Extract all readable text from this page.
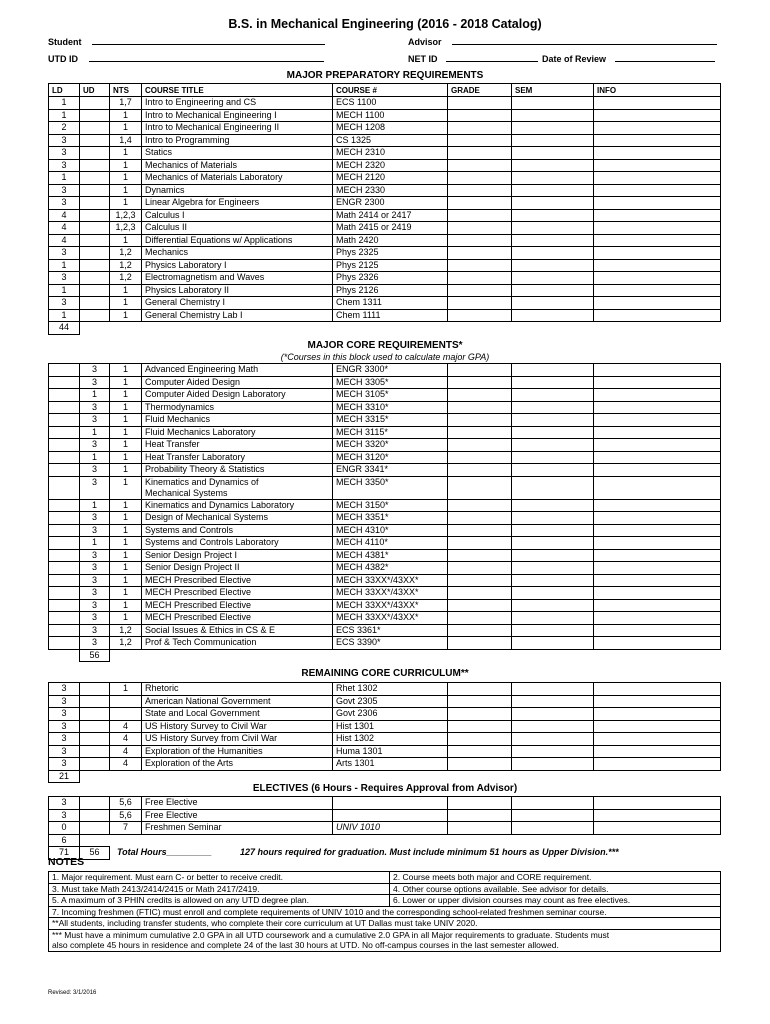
B.S. in Mechanical Engineering (2016 - 2018 Catalog)
Student	Advisor
UTD ID	NET ID	Date of Review
MAJOR PREPARATORY REQUIREMENTS
LD	UD	NTS	COURSE TITLE	COURSE #	GRADE	SEM	INFO
1		1,7	Intro to Engineering and CS	ECS 1100			
1		1	Intro to Mechanical Engineering I	MECH 1100			
2		1	Intro to Mechanical Engineering II	MECH 1208			
3		1,4	Intro to Programming	CS 1325			
3		1	Statics	MECH 2310			
3		1	Mechanics of Materials	MECH 2320			
1		1	Mechanics of Materials Laboratory	MECH 2120			
3		1	Dynamics	MECH 2330			
3		1	Linear Algebra for Engineers	ENGR 2300			
4		1,2,3	Calculus I	Math 2414 or 2417			
4		1,2,3	Calculus II	Math 2415 or 2419			
4		1	Differential Equations w/ Applications	Math 2420			
3		1,2	Mechanics	Phys 2325			
1		1,2	Physics Laboratory I	Phys 2125			
3		1,2	Electromagnetism and Waves	Phys 2326			
1		1	Physics Laboratory II	Phys 2126			
3		1	General Chemistry I	Chem 1311			
1		1	General Chemistry Lab I	Chem 1111			
44							
MAJOR CORE REQUIREMENTS*
(*Courses in this block used to calculate major GPA)
	3	1	Advanced Engineering Math	ENGR 3300*			
	3	1	Computer Aided Design	MECH 3305*			
	1	1	Computer Aided Design Laboratory	MECH 3105*			
	3	1	Thermodynamics	MECH 3310*			
	3	1	Fluid Mechanics	MECH 3315*			
	1	1	Fluid Mechanics Laboratory	MECH 3115*			
	3	1	Heat Transfer	MECH 3320*			
	1	1	Heat Transfer Laboratory	MECH 3120*			
	3	1	Probability Theory & Statistics	ENGR 3341*			
	3	1	Kinematics and Dynamics of
Mechanical Systems	MECH 3350*			
	1	1	Kinematics and Dynamics Laboratory	MECH 3150*			
	3	1	Design of Mechanical Systems	MECH 3351*			
	3	1	Systems and Controls	MECH 4310*			
	1	1	Systems and Controls Laboratory	MECH 4110*			
	3	1	Senior Design Project I	MECH 4381*			
	3	1	Senior Design Project II	MECH 4382*			
	3	1	MECH Prescribed Elective	MECH 33XX*/43XX*			
	3	1	MECH Prescribed Elective	MECH 33XX*/43XX*			
	3	1	MECH Prescribed Elective	MECH 33XX*/43XX*			
	3	1	MECH Prescribed Elective	MECH 33XX*/43XX*			
	3	1,2	Social Issues & Ethics in CS & E	ECS 3361*			
	3	1,2	Prof & Tech Communication	ECS 3390*			
	56						
REMAINING CORE CURRICULUM**
3		1	Rhetoric	Rhet 1302			
3			American National Government	Govt 2305			
3			State and Local Government	Govt 2306			
3		4	US History Survey to Civil War	Hist 1301			
3		4	US History Survey from Civil War	Hist 1302			
3		4	Exploration of the Humanities	Huma 1301			
3		4	Exploration of the Arts	Arts 1301			
21							
ELECTIVES (6 Hours - Requires Approval from Advisor)
3		5,6	Free Elective				
3		5,6	Free Elective				
0		7	Freshmen Seminar	UNIV 1010			
6							
71	56						Total Hours_________	127 hours required for graduation. Must include minimum 51 hours as Upper Division.***
NOTES
1. Major requirement. Must earn C- or better to receive credit.	2. Course meets both major and CORE requirement.
3. Must take Math 2413/2414/2415 or Math 2417/2419.	4. Other course options available. See advisor for details.
5. A maximum of 3 PHIN credits is allowed on any UTD degree plan.	6. Lower or upper division courses may count as free electives.
7. Incoming freshmen (FTIC) must enroll and complete requirements of UNIV 1010 and the corresponding school-related freshmen seminar course.	
**All students, including transfer students, who complete their core curriculum at UT Dallas must take UNIV 2020.	
*** Must have a minimum cumulative 2.0 GPA in all UTD coursework and a cumulative 2.0 GPA in all Major requirements to graduate. Students must
also complete 45 hours in residence and complete 24 of the last 30 hours at UTD. No off-campus courses in the last semester allowed.	
Revised: 3/1/2016
